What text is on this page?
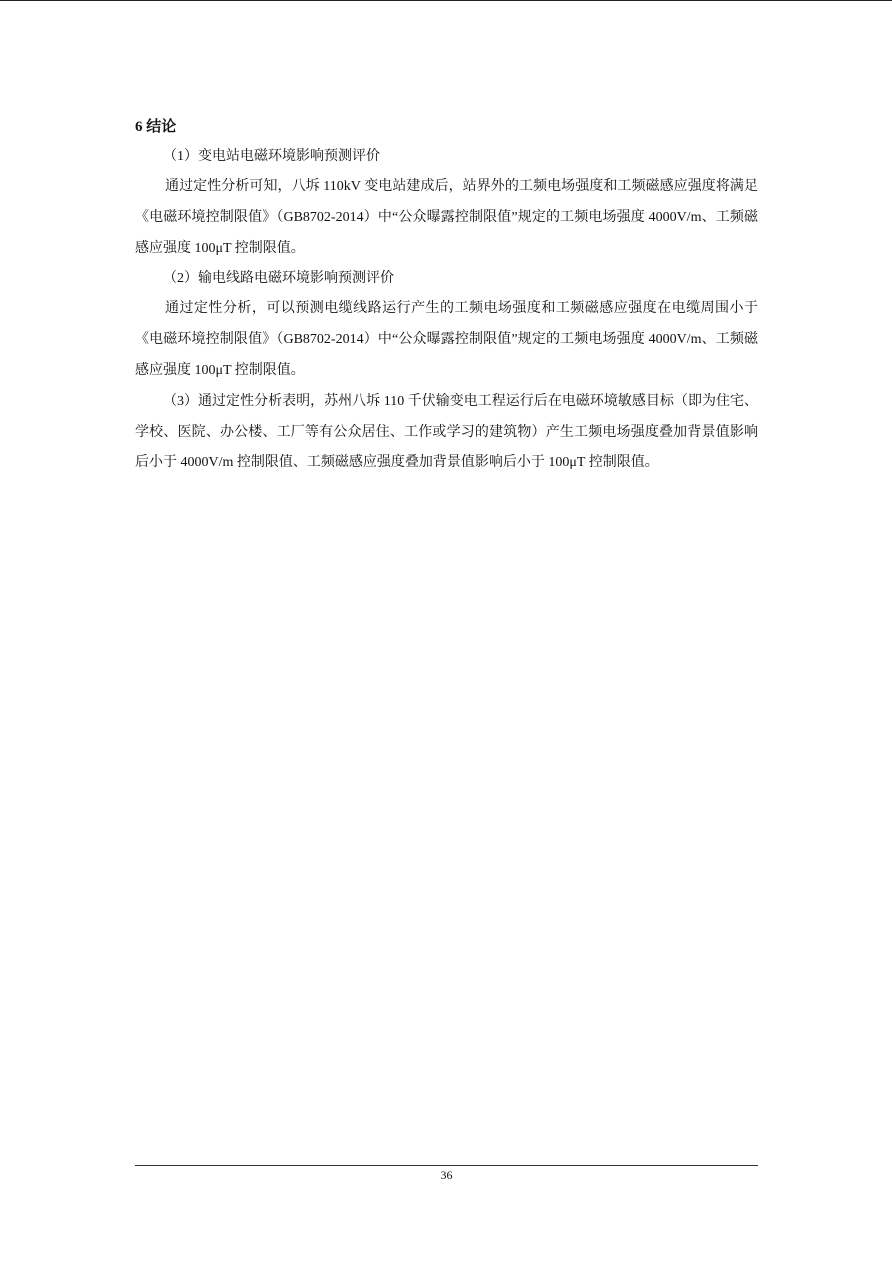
6 结论

（1）变电站电磁环境影响预测评价

通过定性分析可知，八坼 110kV 变电站建成后，站界外的工频电场强度和工频磁感应强度将满足《电磁环境控制限值》（GB8702-2014）中“公众曝露控制限值”规定的工频电场强度 4000V/m、工频磁感应强度 100μT 控制限值。

（2）输电线路电磁环境影响预测评价

通过定性分析，可以预测电缆线路运行产生的工频电场强度和工频磁感应强度在电缆周围小于《电磁环境控制限值》（GB8702-2014）中“公众曝露控制限值”规定的工频电场强度 4000V/m、工频磁感应强度 100μT 控制限值。

（3）通过定性分析表明，苏州八坼 110 千伏输变电工程运行后在电磁环境敏感目标（即为住宅、学校、医院、办公楼、工厂等有公众居住、工作或学习的建筑物）产生工频电场强度叠加背景值影响后小于 4000V/m 控制限值、工频磁感应强度叠加背景值影响后小于 100μT 控制限值。

36
